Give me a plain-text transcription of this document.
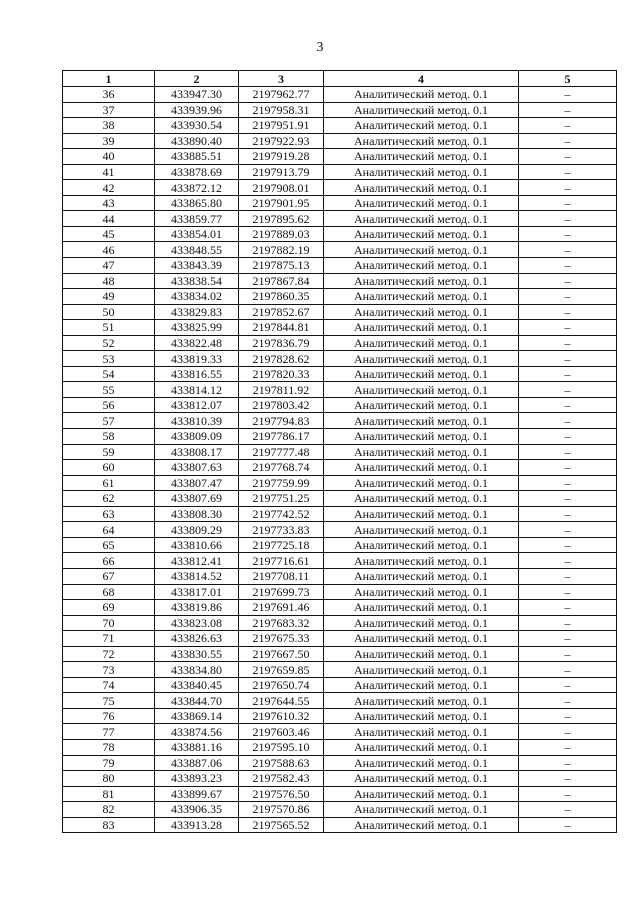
3
1	2	3	4	5
36	433947.30	2197962.77	Аналитический метод. 0.1	–
37	433939.96	2197958.31	Аналитический метод. 0.1	–
38	433930.54	2197951.91	Аналитический метод. 0.1	–
39	433890.40	2197922.93	Аналитический метод. 0.1	–
40	433885.51	2197919.28	Аналитический метод. 0.1	–
41	433878.69	2197913.79	Аналитический метод. 0.1	–
42	433872.12	2197908.01	Аналитический метод. 0.1	–
43	433865.80	2197901.95	Аналитический метод. 0.1	–
44	433859.77	2197895.62	Аналитический метод. 0.1	–
45	433854.01	2197889.03	Аналитический метод. 0.1	–
46	433848.55	2197882.19	Аналитический метод. 0.1	–
47	433843.39	2197875.13	Аналитический метод. 0.1	–
48	433838.54	2197867.84	Аналитический метод. 0.1	–
49	433834.02	2197860.35	Аналитический метод. 0.1	–
50	433829.83	2197852.67	Аналитический метод. 0.1	–
51	433825.99	2197844.81	Аналитический метод. 0.1	–
52	433822.48	2197836.79	Аналитический метод. 0.1	–
53	433819.33	2197828.62	Аналитический метод. 0.1	–
54	433816.55	2197820.33	Аналитический метод. 0.1	–
55	433814.12	2197811.92	Аналитический метод. 0.1	–
56	433812.07	2197803.42	Аналитический метод. 0.1	–
57	433810.39	2197794.83	Аналитический метод. 0.1	–
58	433809.09	2197786.17	Аналитический метод. 0.1	–
59	433808.17	2197777.48	Аналитический метод. 0.1	–
60	433807.63	2197768.74	Аналитический метод. 0.1	–
61	433807.47	2197759.99	Аналитический метод. 0.1	–
62	433807.69	2197751.25	Аналитический метод. 0.1	–
63	433808.30	2197742.52	Аналитический метод. 0.1	–
64	433809.29	2197733.83	Аналитический метод. 0.1	–
65	433810.66	2197725.18	Аналитический метод. 0.1	–
66	433812.41	2197716.61	Аналитический метод. 0.1	–
67	433814.52	2197708.11	Аналитический метод. 0.1	–
68	433817.01	2197699.73	Аналитический метод. 0.1	–
69	433819.86	2197691.46	Аналитический метод. 0.1	–
70	433823.08	2197683.32	Аналитический метод. 0.1	–
71	433826.63	2197675.33	Аналитический метод. 0.1	–
72	433830.55	2197667.50	Аналитический метод. 0.1	–
73	433834.80	2197659.85	Аналитический метод. 0.1	–
74	433840.45	2197650.74	Аналитический метод. 0.1	–
75	433844.70	2197644.55	Аналитический метод. 0.1	–
76	433869.14	2197610.32	Аналитический метод. 0.1	–
77	433874.56	2197603.46	Аналитический метод. 0.1	–
78	433881.16	2197595.10	Аналитический метод. 0.1	–
79	433887.06	2197588.63	Аналитический метод. 0.1	–
80	433893.23	2197582.43	Аналитический метод. 0.1	–
81	433899.67	2197576.50	Аналитический метод. 0.1	–
82	433906.35	2197570.86	Аналитический метод. 0.1	–
83	433913.28	2197565.52	Аналитический метод. 0.1	–
